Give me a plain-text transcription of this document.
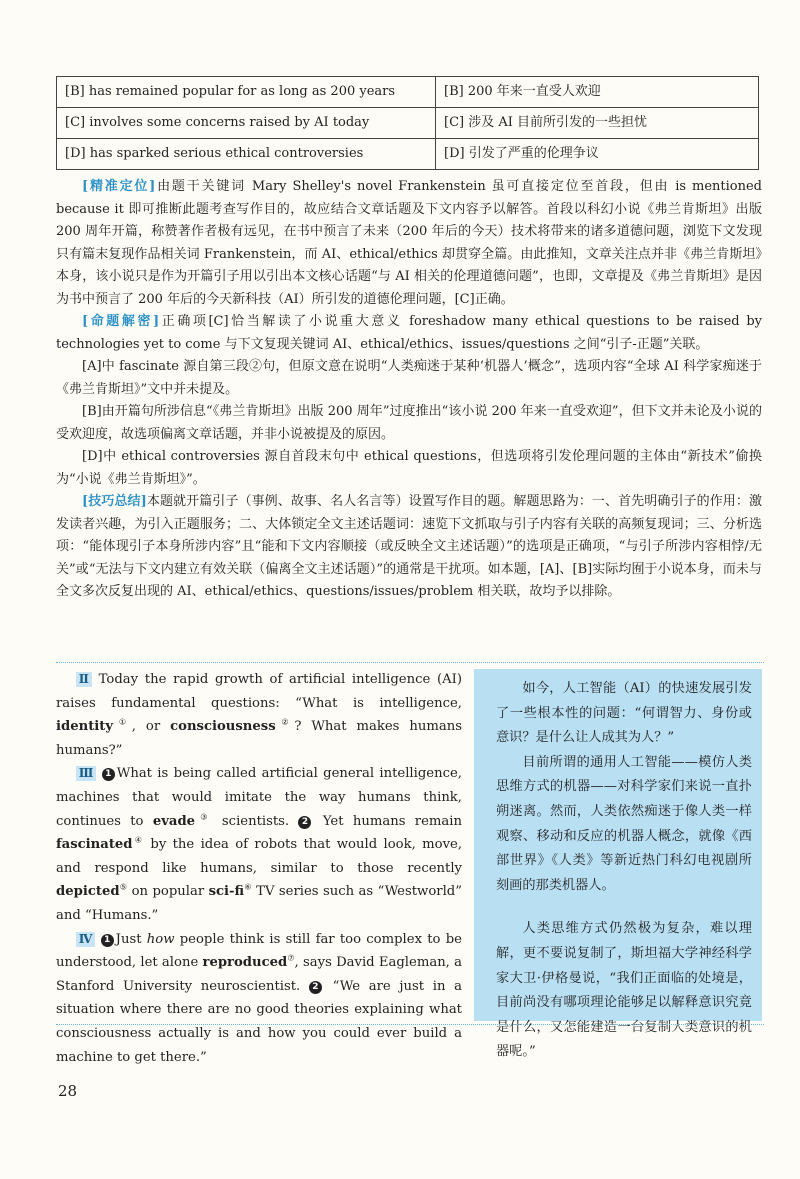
[B] has remained popular for as long as 200 years	[B] 200 年来一直受人欢迎
[C] involves some concerns raised by AI today	[C] 涉及 AI 目前所引发的一些担忧
[D] has sparked serious ethical controversies	[D] 引发了严重的伦理争议

[精准定位]由题干关键词 Mary Shelley's novel Frankenstein 虽可直接定位至首段，但由 is mentioned because it 即可推断此题考查写作目的，故应结合文章话题及下文内容予以解答。首段以科幻小说《弗兰肯斯坦》出版 200 周年开篇，称赞著作者极有远见，在书中预言了未来（200 年后的今天）技术将带来的诸多道德问题，浏览下文发现只有篇末复现作品相关词 Frankenstein，而 AI、ethical/ethics 却贯穿全篇。由此推知，文章关注点并非《弗兰肯斯坦》本身，该小说只是作为开篇引子用以引出本文核心话题“与 AI 相关的伦理道德问题”，也即，文章提及《弗兰肯斯坦》是因为书中预言了 200 年后的今天新科技（AI）所引发的道德伦理问题，[C]正确。

[命题解密]正确项[C]恰当解读了小说重大意义 foreshadow many ethical questions to be raised by technologies yet to come 与下文复现关键词 AI、ethical/ethics、issues/questions 之间“引子-正题”关联。

[A]中 fascinate 源自第三段②句，但原文意在说明“人类痴迷于某种‘机器人’概念”，选项内容“全球 AI 科学家痴迷于《弗兰肯斯坦》”文中并未提及。

[B]由开篇句所涉信息“《弗兰肯斯坦》出版 200 周年”过度推出“该小说 200 年来一直受欢迎”，但下文并未论及小说的受欢迎度，故选项偏离文章话题，并非小说被提及的原因。

[D]中 ethical controversies 源自首段末句中 ethical questions，但选项将引发伦理问题的主体由“新技术”偷换为“小说《弗兰肯斯坦》”。

[技巧总结]本题就开篇引子（事例、故事、名人名言等）设置写作目的题。解题思路为：一、首先明确引子的作用：激发读者兴趣，为引入正题服务；二、大体锁定全文主述话题词：速览下文抓取与引子内容有关联的高频复现词；三、分析选项：“能体现引子本身所涉内容”且“能和下文内容顺接（或反映全文主述话题）”的选项是正确项，“与引子所涉内容相悖/无关”或“无法与下文内建立有效关联（偏离全文主述话题）”的通常是干扰项。如本题，[A]、[B]实际均囿于小说本身，而未与全文多次反复出现的 AI、ethical/ethics、questions/issues/problem 相关联，故均予以排除。

Ⅱ Today the rapid growth of artificial intelligence (AI) raises fundamental questions: “What is intelligence, identity①, or consciousness②? What makes humans humans?”

Ⅲ 1 What is being called artificial general intelligence, machines that would imitate the way humans think, continues to evade③ scientists. 2 Yet humans remain fascinated④ by the idea of robots that would look, move, and respond like humans, similar to those recently depicted⑤ on popular sci-fi⑥ TV series such as “Westworld” and “Humans.”

Ⅳ 1 Just how people think is still far too complex to be understood, let alone reproduced⑦, says David Eagleman, a Stanford University neuroscientist. 2 “We are just in a situation where there are no good theories explaining what consciousness actually is and how you could ever build a machine to get there.”

如今，人工智能（AI）的快速发展引发了一些根本性的问题：“何谓智力、身份或意识？是什么让人成其为人？”

目前所谓的通用人工智能——模仿人类思维方式的机器——对科学家们来说一直扑朔迷离。然而，人类依然痴迷于像人类一样观察、移动和反应的机器人概念，就像《西部世界》《人类》等新近热门科幻电视剧所刻画的那类机器人。

人类思维方式仍然极为复杂，难以理解，更不要说复制了，斯坦福大学神经科学家大卫·伊格曼说，“我们正面临的处境是，目前尚没有哪项理论能够足以解释意识究竟是什么，又怎能建造一台复制人类意识的机器呢。”

28
